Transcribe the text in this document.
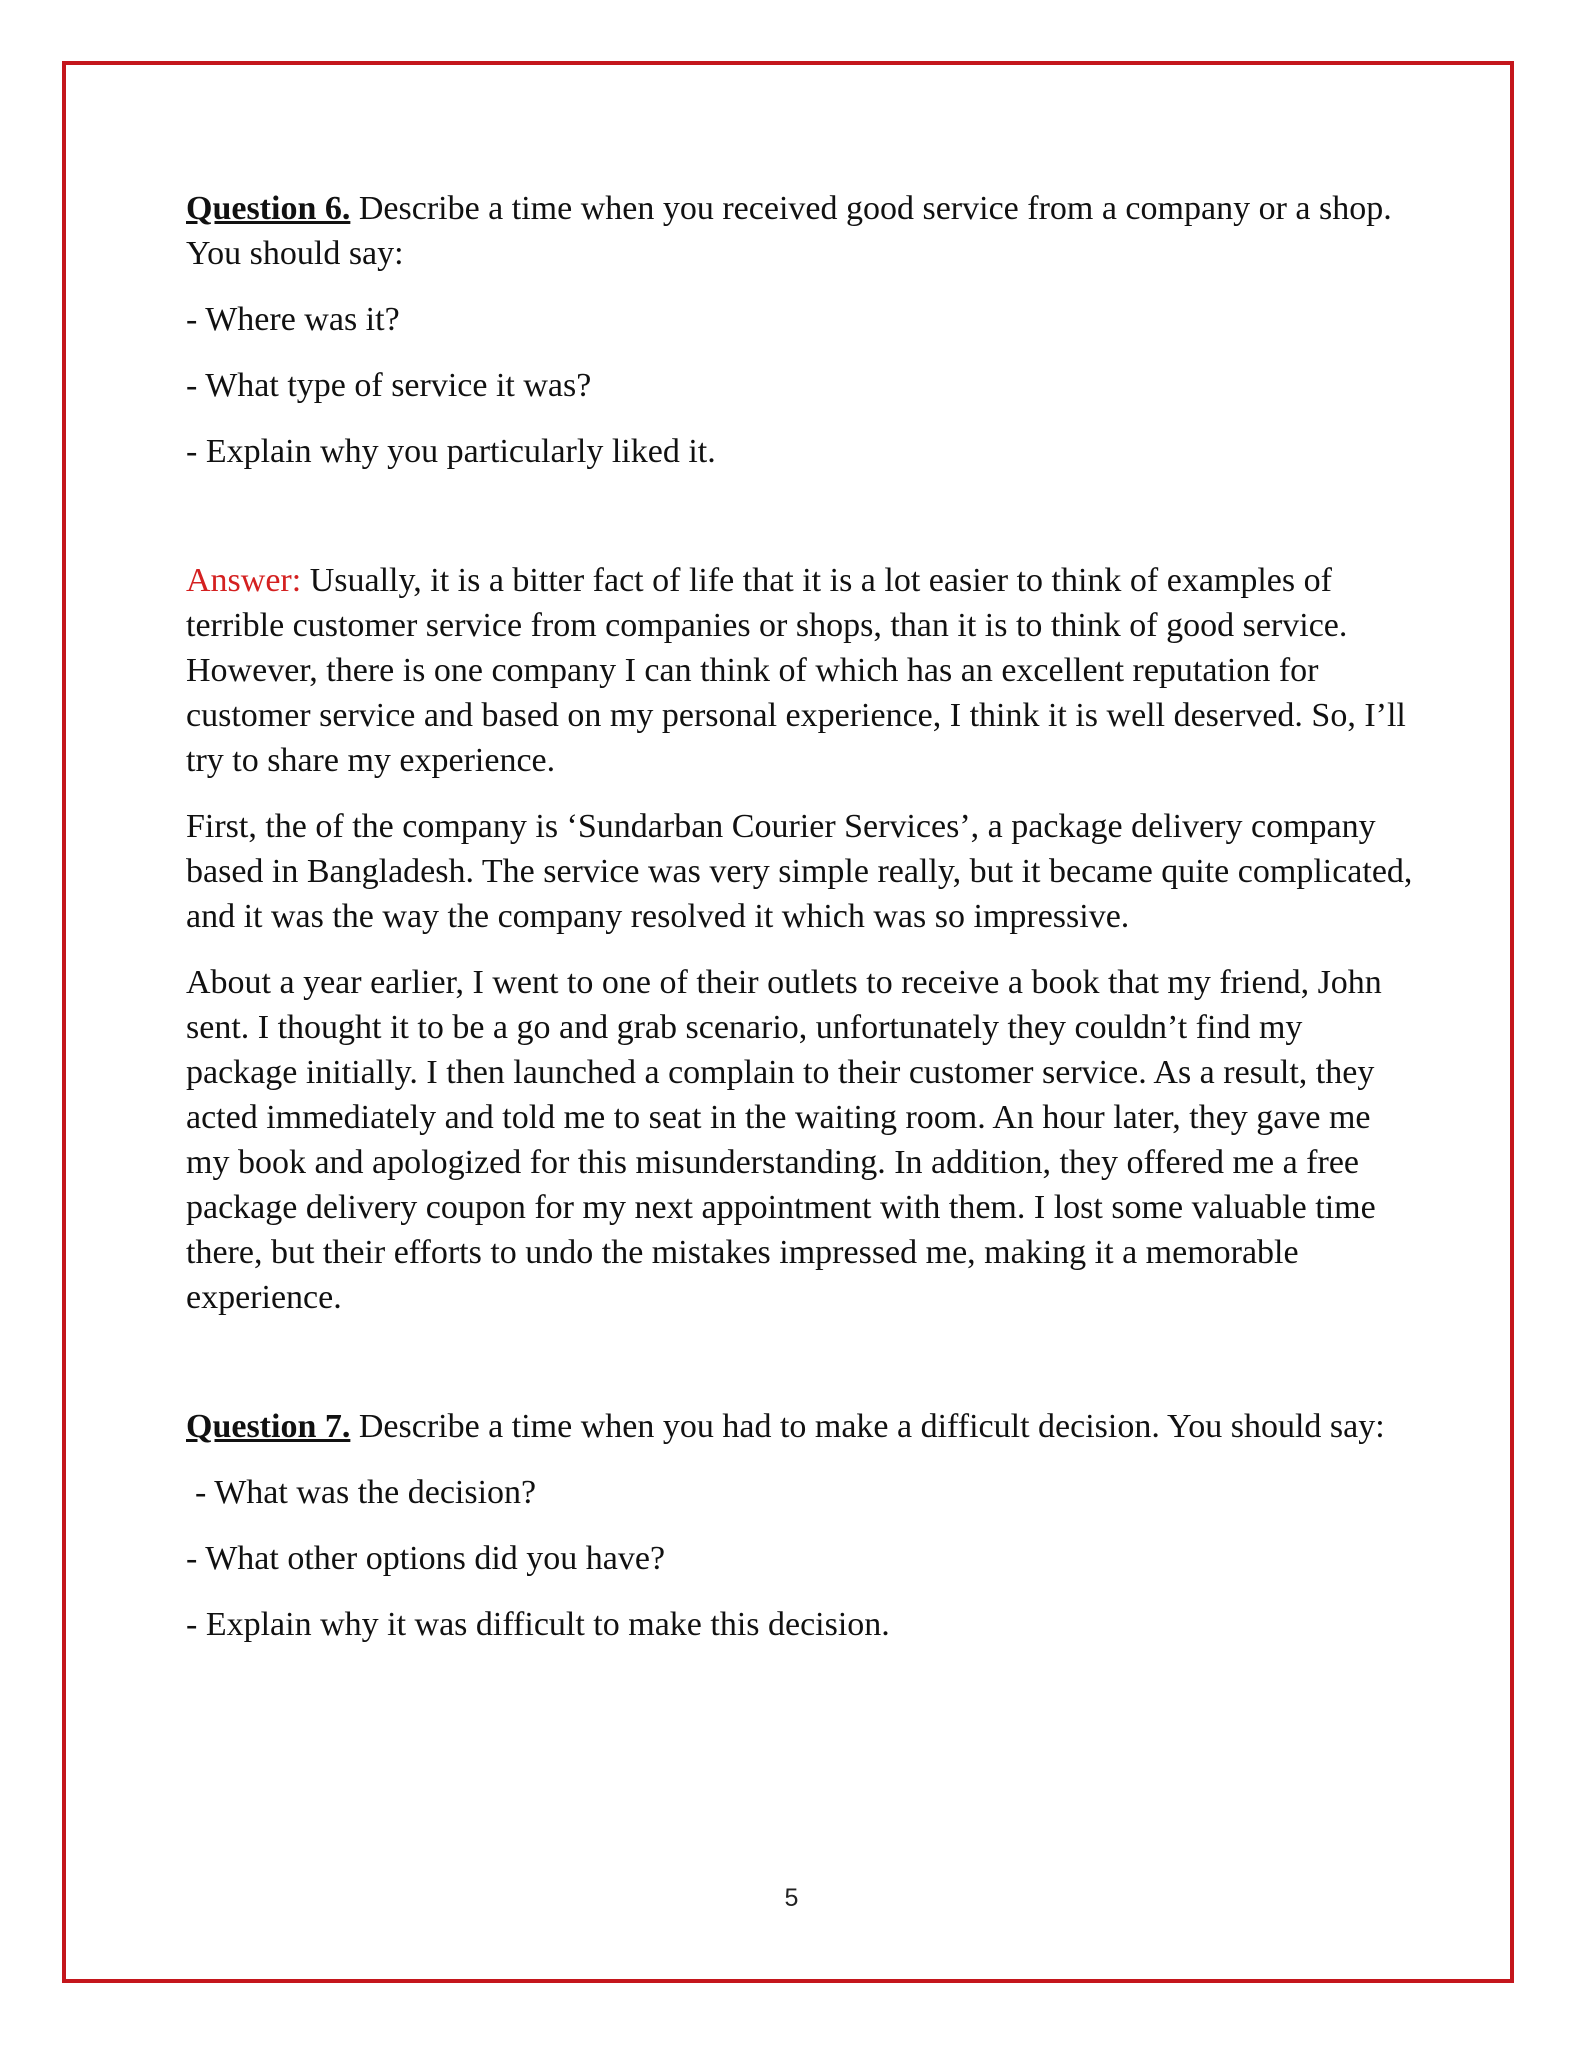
Question 6. Describe a time when you received good service from a company or a shop. You should say:

- Where was it?

- What type of service it was?

- Explain why you particularly liked it.

Answer: Usually, it is a bitter fact of life that it is a lot easier to think of examples of terrible customer service from companies or shops, than it is to think of good service. However, there is one company I can think of which has an excellent reputation for customer service and based on my personal experience, I think it is well deserved. So, I’ll try to share my experience.

First, the of the company is ‘Sundarban Courier Services’, a package delivery company based in Bangladesh. The service was very simple really, but it became quite complicated, and it was the way the company resolved it which was so impressive.

About a year earlier, I went to one of their outlets to receive a book that my friend, John sent. I thought it to be a go and grab scenario, unfortunately they couldn’t find my package initially. I then launched a complain to their customer service. As a result, they acted immediately and told me to seat in the waiting room. An hour later, they gave me my book and apologized for this misunderstanding. In addition, they offered me a free package delivery coupon for my next appointment with them. I lost some valuable time there, but their efforts to undo the mistakes impressed me, making it a memorable experience.

Question 7. Describe a time when you had to make a difficult decision. You should say:

- What was the decision?

- What other options did you have?

- Explain why it was difficult to make this decision.

5
